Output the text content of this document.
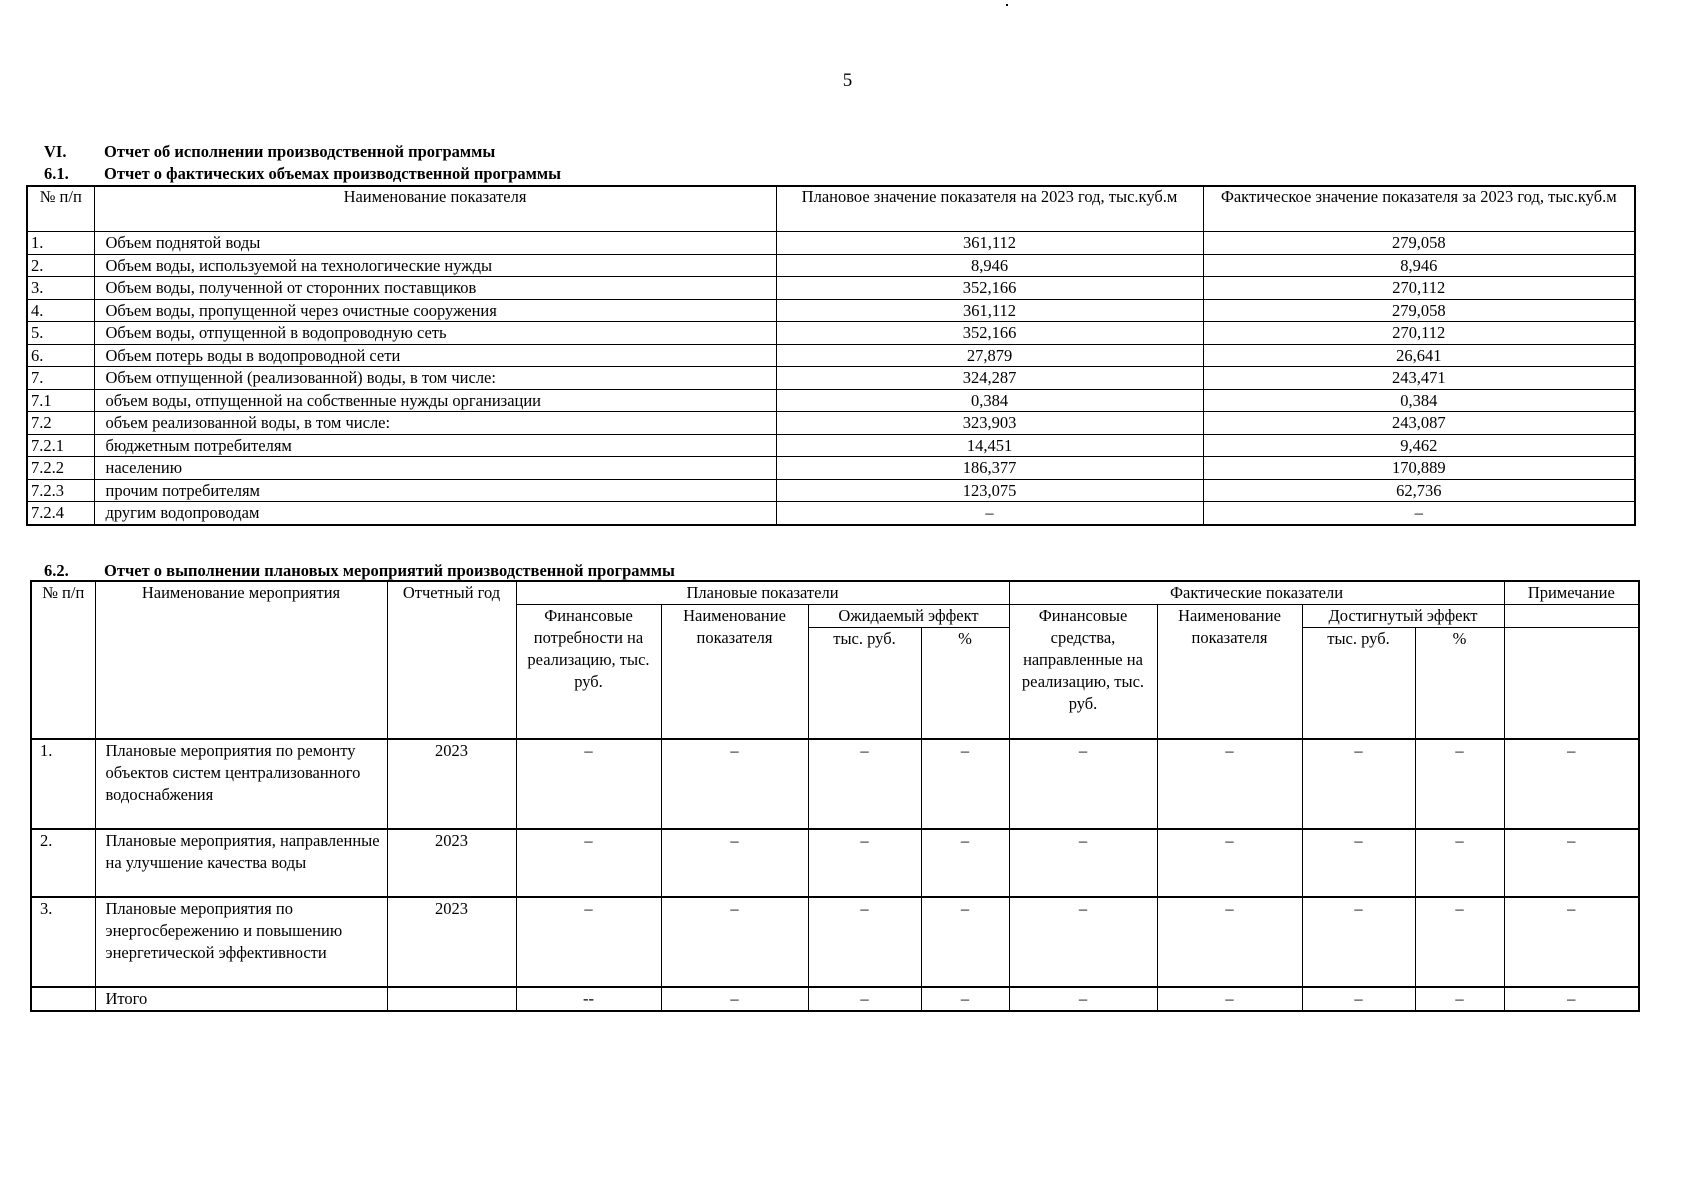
5
VI. Отчет об исполнении производственной программы
6.1. Отчет о фактических объемах производственной программы
№ п/п	Наименование показателя	Плановое значение показателя на 2023 год, тыс.куб.м	Фактическое значение показателя за 2023 год, тыс.куб.м
1.	Объем поднятой воды	361,112	279,058
2.	Объем воды, используемой на технологические нужды	8,946	8,946
3.	Объем воды, полученной от сторонних поставщиков	352,166	270,112
4.	Объем воды, пропущенной через очистные сооружения	361,112	279,058
5.	Объем воды, отпущенной в водопроводную сеть	352,166	270,112
6.	Объем потерь воды в водопроводной сети	27,879	26,641
7.	Объем отпущенной (реализованной) воды, в том числе:	324,287	243,471
7.1	объем воды, отпущенной на собственные нужды организации	0,384	0,384
7.2	объем реализованной воды, в том числе:	323,903	243,087
7.2.1	бюджетным потребителям	14,451	9,462
7.2.2	населению	186,377	170,889
7.2.3	прочим потребителям	123,075	62,736
7.2.4	другим водопроводам	–	–
6.2. Отчет о выполнении плановых мероприятий производственной программы
№ п/п	Наименование мероприятия	Отчетный год	Плановые показатели				Фактические показатели				Примечание
			Финансовые потребности на реализацию, тыс. руб.	Наименование показателя	Ожидаемый эффект		Финансовые средства, направленные на реализацию, тыс. руб.	Наименование показателя	Достигнутый эффект		
					тыс. руб.	%			тыс. руб.	%	
1.	Плановые мероприятия по ремонту объектов систем централизованного водоснабжения	2023	–	–	–	–	–	–	–	–	–
2.	Плановые мероприятия, направленные на улучшение качества воды	2023	–	–	–	–	–	–	–	–	–
3.	Плановые мероприятия по энергосбережению и повышению энергетической эффективности	2023	–	–	–	–	–	–	–	–	–
	Итого		--	–	–	–	–	–	–	–	–
